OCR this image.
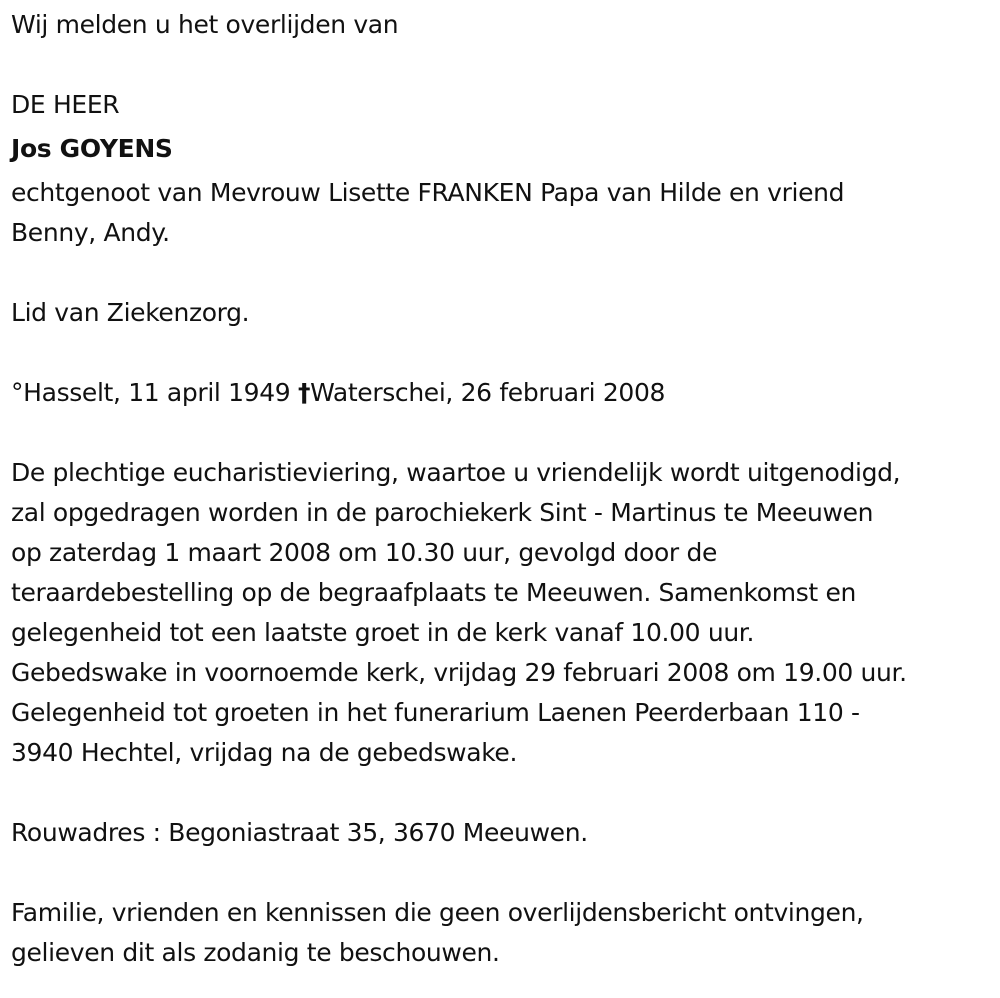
Wij melden u het overlijden van
DE HEER
Jos GOYENS
echtgenoot van Mevrouw Lisette FRANKEN Papa van Hilde en vriend
Benny, Andy.
Lid van Ziekenzorg.
°Hasselt, 11 april 1949 †Waterschei, 26 februari 2008
De plechtige eucharistieviering, waartoe u vriendelijk wordt uitgenodigd,
zal opgedragen worden in de parochiekerk Sint - Martinus te Meeuwen
op zaterdag 1 maart 2008 om 10.30 uur, gevolgd door de
teraardebestelling op de begraafplaats te Meeuwen. Samenkomst en
gelegenheid tot een laatste groet in de kerk vanaf 10.00 uur.
Gebedswake in voornoemde kerk, vrijdag 29 februari 2008 om 19.00 uur.
Gelegenheid tot groeten in het funerarium Laenen Peerderbaan 110 -
3940 Hechtel, vrijdag na de gebedswake.
Rouwadres : Begoniastraat 35, 3670 Meeuwen.
Familie, vrienden en kennissen die geen overlijdensbericht ontvingen,
gelieven dit als zodanig te beschouwen.
